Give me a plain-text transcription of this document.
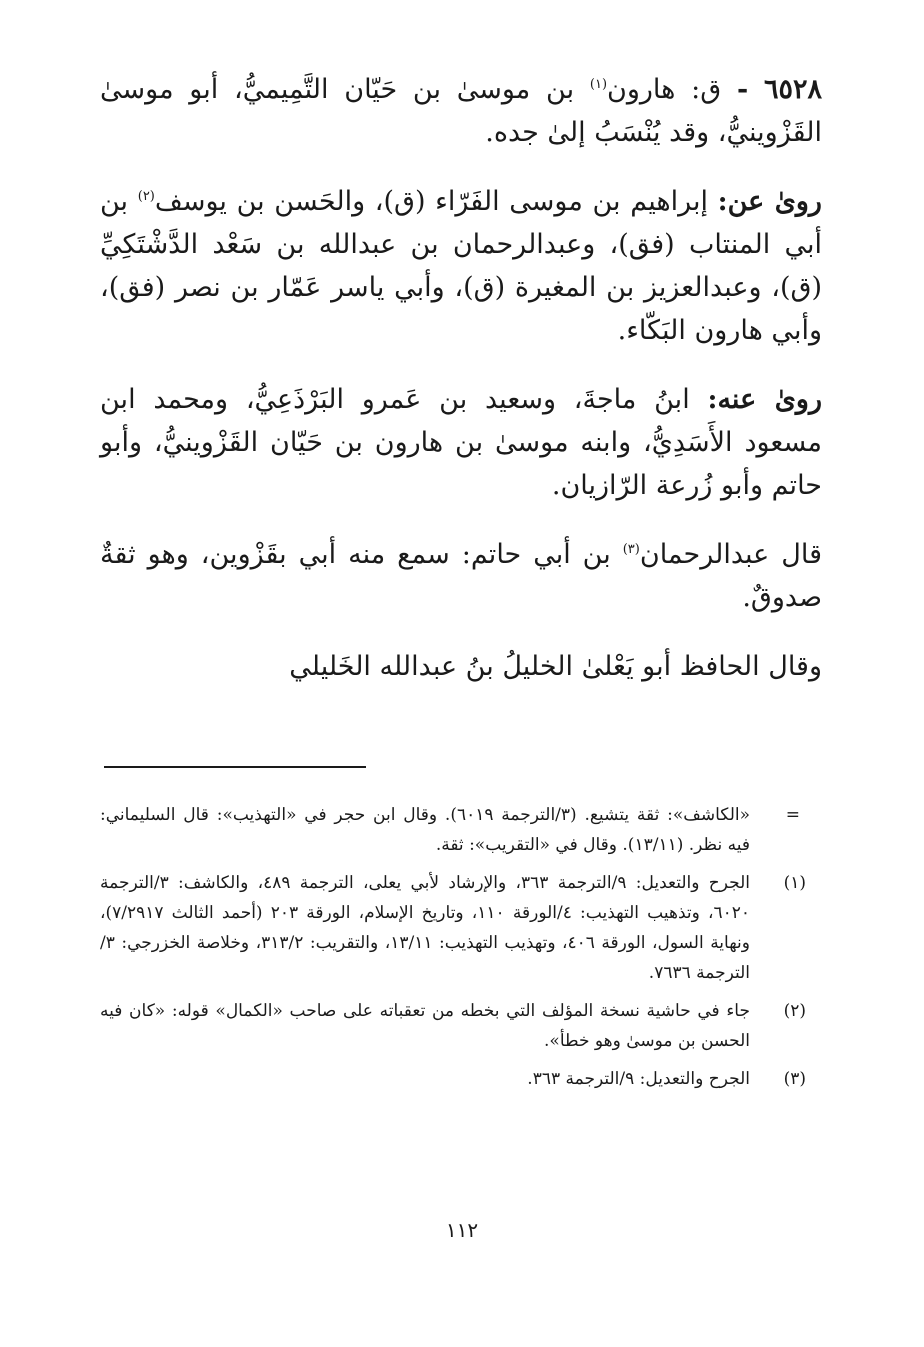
٦٥٢٨ - ق: هارون$^{(١)}$ بن موسىٰ بن حَيّان التَّمِيميُّ، أبو موسىٰ القَزْوينيُّ، وقد يُنْسَبُ إلىٰ جده.

روىٰ عن: إبراهيم بن موسى الفَرّاء (ق)، والحَسن بن يوسف$^{(٢)}$ بن أبي المنتاب (فق)، وعبدالرحمان بن عبدالله بن سَعْد الدَّشْتَكِيِّ (ق)، وعبدالعزيز بن المغيرة (ق)، وأبي ياسر عَمّار بن نصر (فق)، وأبي هارون البَكّاء.

روىٰ عنه: ابنُ ماجةَ، وسعيد بن عَمرو البَرْذَعِيُّ، ومحمد ابن مسعود الأَسَدِيُّ، وابنه موسىٰ بن هارون بن حَيّان القَزْوينيُّ، وأبو حاتم وأبو زُرعة الرّازيان.

قال عبدالرحمان$^{(٣)}$ بن أبي حاتم: سمع منه أبي بقَزْوين، وهو ثقةٌ صدوقٌ.

وقال الحافظ أبو يَعْلىٰ الخليلُ بنُ عبدالله الخَليلي

=
«الكاشف»: ثقة يتشيع. (٣/الترجمة ٦٠١٩). وقال ابن حجر في «التهذيب»: قال السليماني: فيه نظر. (١٣/١١). وقال في «التقريب»: ثقة.
(١)
الجرح والتعديل: ٩/الترجمة ٣٦٣، والإرشاد لأبي يعلى، الترجمة ٤٨٩، والكاشف: ٣/الترجمة ٦٠٢٠، وتذهيب التهذيب: ٤/الورقة ١١٠، وتاريخ الإسلام، الورقة ٢٠٣ (أحمد الثالث ٧/٢٩١٧)، ونهاية السول، الورقة ٤٠٦، وتهذيب التهذيب: ١٣/١١، والتقريب: ٣١٣/٢، وخلاصة الخزرجي: ٣/الترجمة ٧٦٣٦.
(٢)
جاء في حاشية نسخة المؤلف التي بخطه من تعقباته على صاحب «الكمال» قوله: «كان فيه الحسن بن موسىٰ وهو خطأ».
(٣)
الجرح والتعديل: ٩/الترجمة ٣٦٣.
١١٢
